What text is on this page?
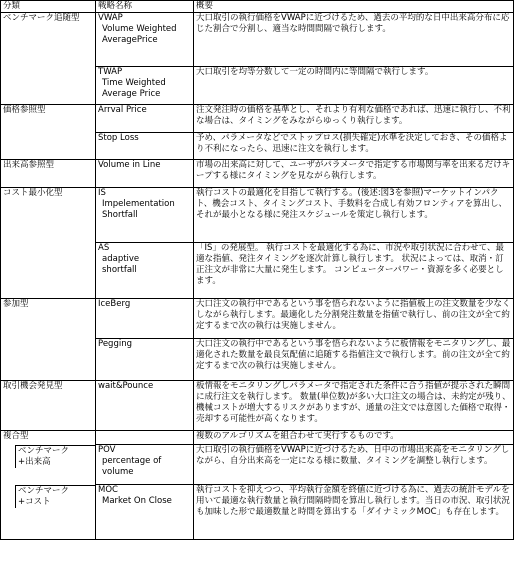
分類	戦略名称	概要
ベンチマーク追随型	VWAP
Volume Weighted
AveragePrice	大口取引の執行価格をVWAPに近づけるため、過去の平均的な日中出来高分布に応じた割合で分割し、適当な時間間隔で執行します。

	TWAP
Time Weighted
Average Price	大口取引を均等分数して一定の時間内に等間隔で執行します。

価格参照型	Arrval Price	注文発注時の価格を基準とし、それより有利な価格であれば、迅速に執行し、不利な場合は、タイミングをみながらゆっくり執行します。

	Stop Loss	予め、パラメータなどでストップロス(損失確定)水準を決定しておき、その価格より不利になったら、迅速に注文を執行します。

出来高参照型	Volume in Line	市場の出来高に対して、ユーザがパラメータで指定する市場関与率を出来るだけキープする様にタイミングを見ながら執行します。

コスト最小化型	IS
Impelementation
Shortfall	執行コストの最適化を目指して執行する。(後述:図3を参照)マーケットインパクト、機会コスト、タイミングコスト、手数料を合成し有効フロンティアを算出し、それが最小となる様に発注スケジュールを策定し執行します。

	AS
adaptive
shortfall	「IS」の発展型。 執行コストを最適化する為に、市況や取引状況に合わせて、最適な指値、発注タイミングを逐次計算し執行します。 状況によっては、取消・訂正注文が非常に大量に発生します。 コンピューターパワー・資源を多く必要とします。

参加型	IceBerg	大口注文の執行中であるという事を悟られないように指値板上の注文数量を少なくしながら執行します。最適化した分割発注数量を指値で執行し、前の注文が全て約定するまで次の執行は実施しません。

	Pegging	大口注文の執行中であるという事を悟られないように板情報をモニタリングし、最適化された数量を最良気配値に追随する指値注文で執行します。前の注文が全て約定するまで次の執行は実施しません。

取引機会発見型	wait&Pounce	板情報をモニタリングしパラメータで指定された条件に合う指値が提示された瞬間に成行注文を執行します。 数量(単位数)が多い大口注文の場合は、未約定が残り、機械コストが増大するリスクがありますが、通量の注文では意図した価格で取得・売却する可能性が高くなります。

複合型		複数のアルゴリズムを組合わせて実行するものです。

ベンチマーク
+出来高	POV
percentage of
volume	大口取引の執行価格をVWAPに近づけるため、日中の市場出来高をモニタリングしながら、自分出来高を一定になる様に数量、タイミングを調整し執行します。

ベンチマーク
+コスト	MOC
Market On Close	執行コストを抑えつつ、平均執行金額を終値に近づける為に、過去の統計モデルを用いて最適な執行数量と執行間隔時間を算出し執行します。当日の市況、取引状況も加味した形で最適数量と時間を算出する「ダイナミックMOC」も存在します。
